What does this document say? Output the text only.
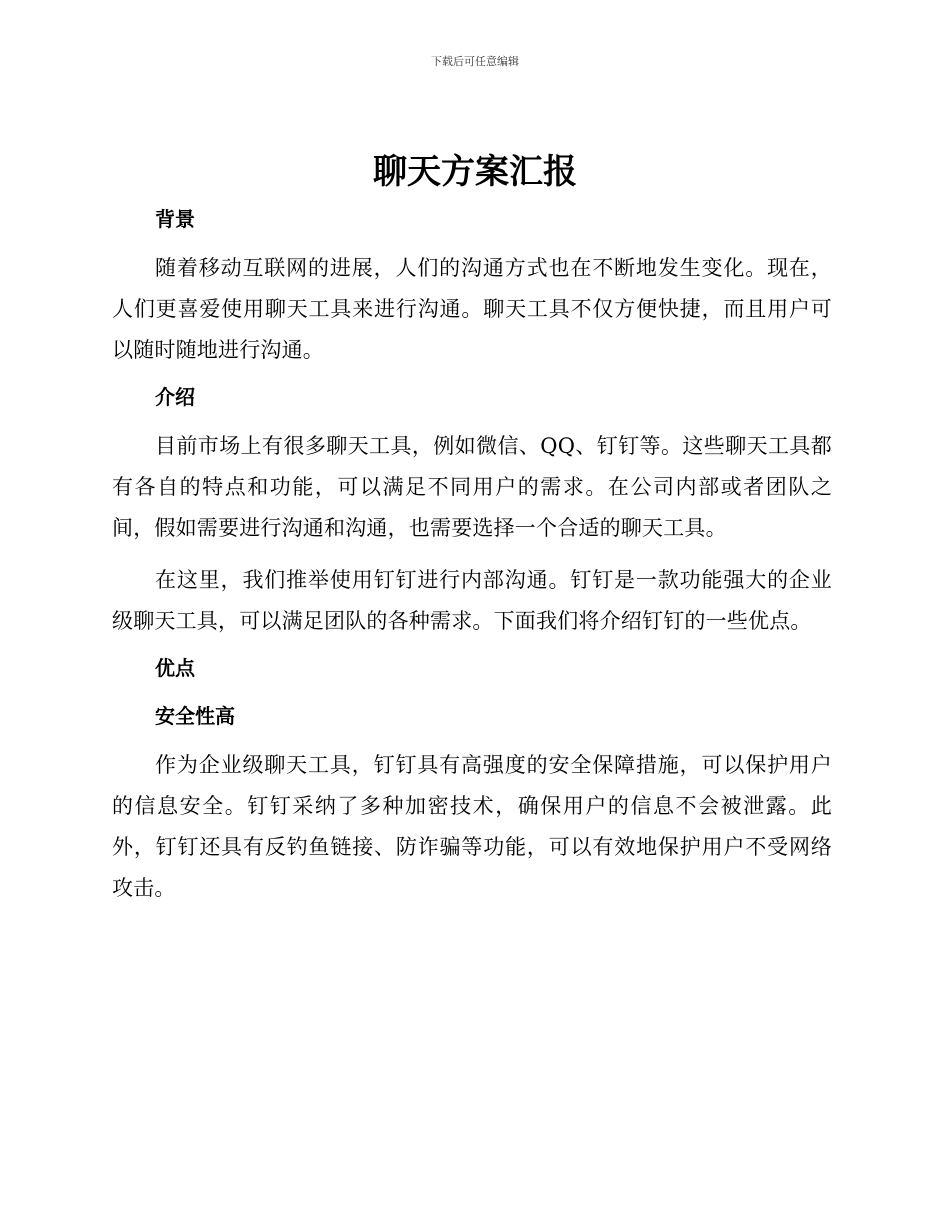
下载后可任意编辑
聊天方案汇报
背景

随着移动互联网的进展，人们的沟通方式也在不断地发生变化。现在，人们更喜爱使用聊天工具来进行沟通。聊天工具不仅方便快捷，而且用户可以随时随地进行沟通。

介绍

目前市场上有很多聊天工具，例如微信、QQ、钉钉等。这些聊天工具都有各自的特点和功能，可以满足不同用户的需求。在公司内部或者团队之间，假如需要进行沟通和沟通，也需要选择一个合适的聊天工具。

在这里，我们推举使用钉钉进行内部沟通。钉钉是一款功能强大的企业级聊天工具，可以满足团队的各种需求。下面我们将介绍钉钉的一些优点。

优点
安全性高

作为企业级聊天工具，钉钉具有高强度的安全保障措施，可以保护用户的信息安全。钉钉采纳了多种加密技术，确保用户的信息不会被泄露。此外，钉钉还具有反钓鱼链接、防诈骗等功能，可以有效地保护用户不受网络攻击。
